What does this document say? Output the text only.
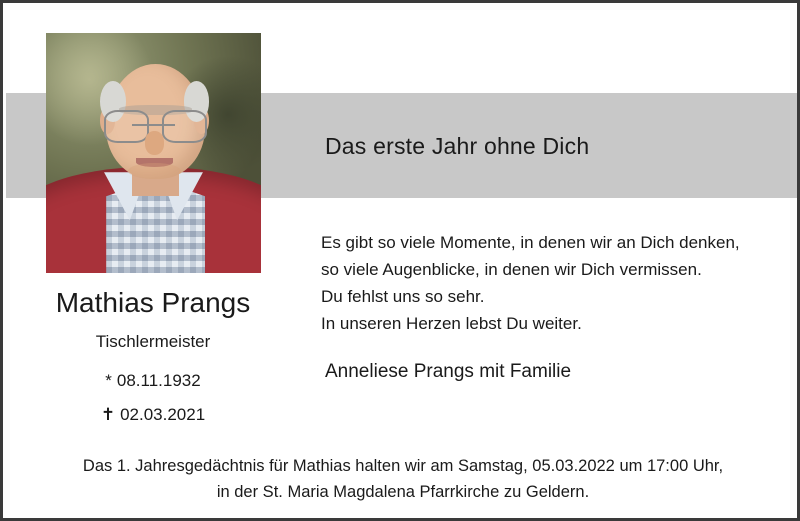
Das erste Jahr ohne Dich
Es gibt so viele Momente, in denen wir an Dich denken,
so viele Augenblicke, in denen wir Dich vermissen.
Du fehlst uns so sehr.
In unseren Herzen lebst Du weiter.
Anneliese Prangs mit Familie
Mathias Prangs
Tischlermeister
* 08.11.1932
✝ 02.03.2021
Das 1. Jahresgedächtnis für Mathias halten wir am Samstag, 05.03.2022 um 17:00 Uhr,
in der St. Maria Magdalena Pfarrkirche zu Geldern.
